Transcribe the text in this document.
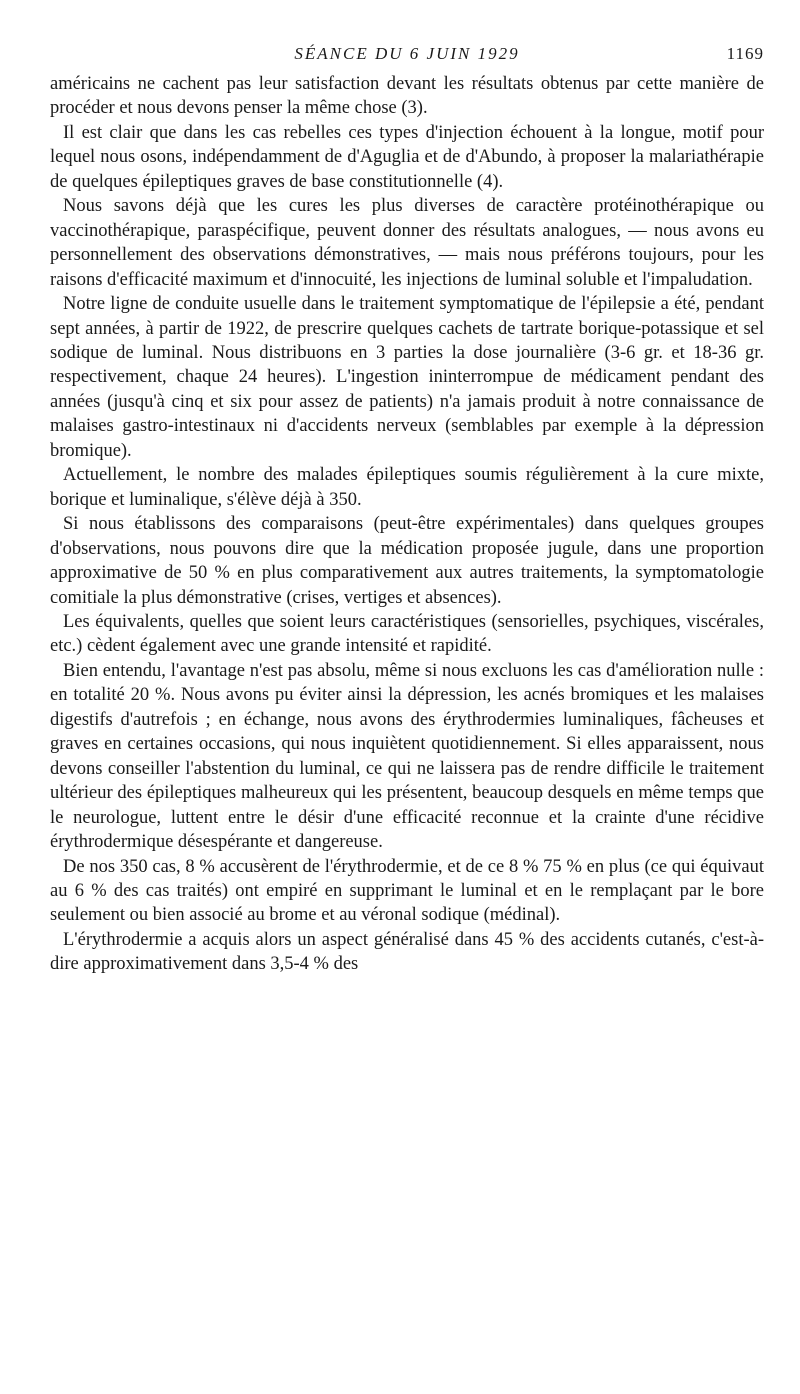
SÉANCE DU 6 JUIN 1929	1169

américains ne cachent pas leur satisfaction devant les résultats obtenus par cette manière de procéder et nous devons penser la même chose (3).

Il est clair que dans les cas rebelles ces types d'injection échouent à la longue, motif pour lequel nous osons, indépendamment de d'Aguglia et de d'Abundo, à proposer la malariathérapie de quelques épileptiques graves de base constitutionnelle (4).

Nous savons déjà que les cures les plus diverses de caractère protéinothérapique ou vaccinothérapique, paraspécifique, peuvent donner des résultats analogues, — nous avons eu personnellement des observations démonstratives, — mais nous préférons toujours, pour les raisons d'efficacité maximum et d'innocuité, les injections de luminal soluble et l'impaludation.

Notre ligne de conduite usuelle dans le traitement symptomatique de l'épilepsie a été, pendant sept années, à partir de 1922, de prescrire quelques cachets de tartrate borique-potassique et sel sodique de luminal. Nous distribuons en 3 parties la dose journalière (3-6 gr. et 18-36 gr. respectivement, chaque 24 heures). L'ingestion ininterrompue de médicament pendant des années (jusqu'à cinq et six pour assez de patients) n'a jamais produit à notre connaissance de malaises gastro-intestinaux ni d'accidents nerveux (semblables par exemple à la dépression bromique).

Actuellement, le nombre des malades épileptiques soumis régulièrement à la cure mixte, borique et luminalique, s'élève déjà à 350.

Si nous établissons des comparaisons (peut-être expérimentales) dans quelques groupes d'observations, nous pouvons dire que la médication proposée jugule, dans une proportion approximative de 50 % en plus comparativement aux autres traitements, la symptomatologie comitiale la plus démonstrative (crises, vertiges et absences).

Les équivalents, quelles que soient leurs caractéristiques (sensorielles, psychiques, viscérales, etc.) cèdent également avec une grande intensité et rapidité.

Bien entendu, l'avantage n'est pas absolu, même si nous excluons les cas d'amélioration nulle : en totalité 20 %. Nous avons pu éviter ainsi la dépression, les acnés bromiques et les malaises digestifs d'autrefois ; en échange, nous avons des érythrodermies luminaliques, fâcheuses et graves en certaines occasions, qui nous inquiètent quotidiennement. Si elles apparaissent, nous devons conseiller l'abstention du luminal, ce qui ne laissera pas de rendre difficile le traitement ultérieur des épileptiques malheureux qui les présentent, beaucoup desquels en même temps que le neurologue, luttent entre le désir d'une efficacité reconnue et la crainte d'une récidive érythrodermique désespérante et dangereuse.

De nos 350 cas, 8 % accusèrent de l'érythrodermie, et de ce 8 % 75 % en plus (ce qui équivaut au 6 % des cas traités) ont empiré en supprimant le luminal et en le remplaçant par le bore seulement ou bien associé au brome et au véronal sodique (médinal).

L'érythrodermie a acquis alors un aspect généralisé dans 45 % des accidents cutanés, c'est-à-dire approximativement dans 3,5-4 % des
